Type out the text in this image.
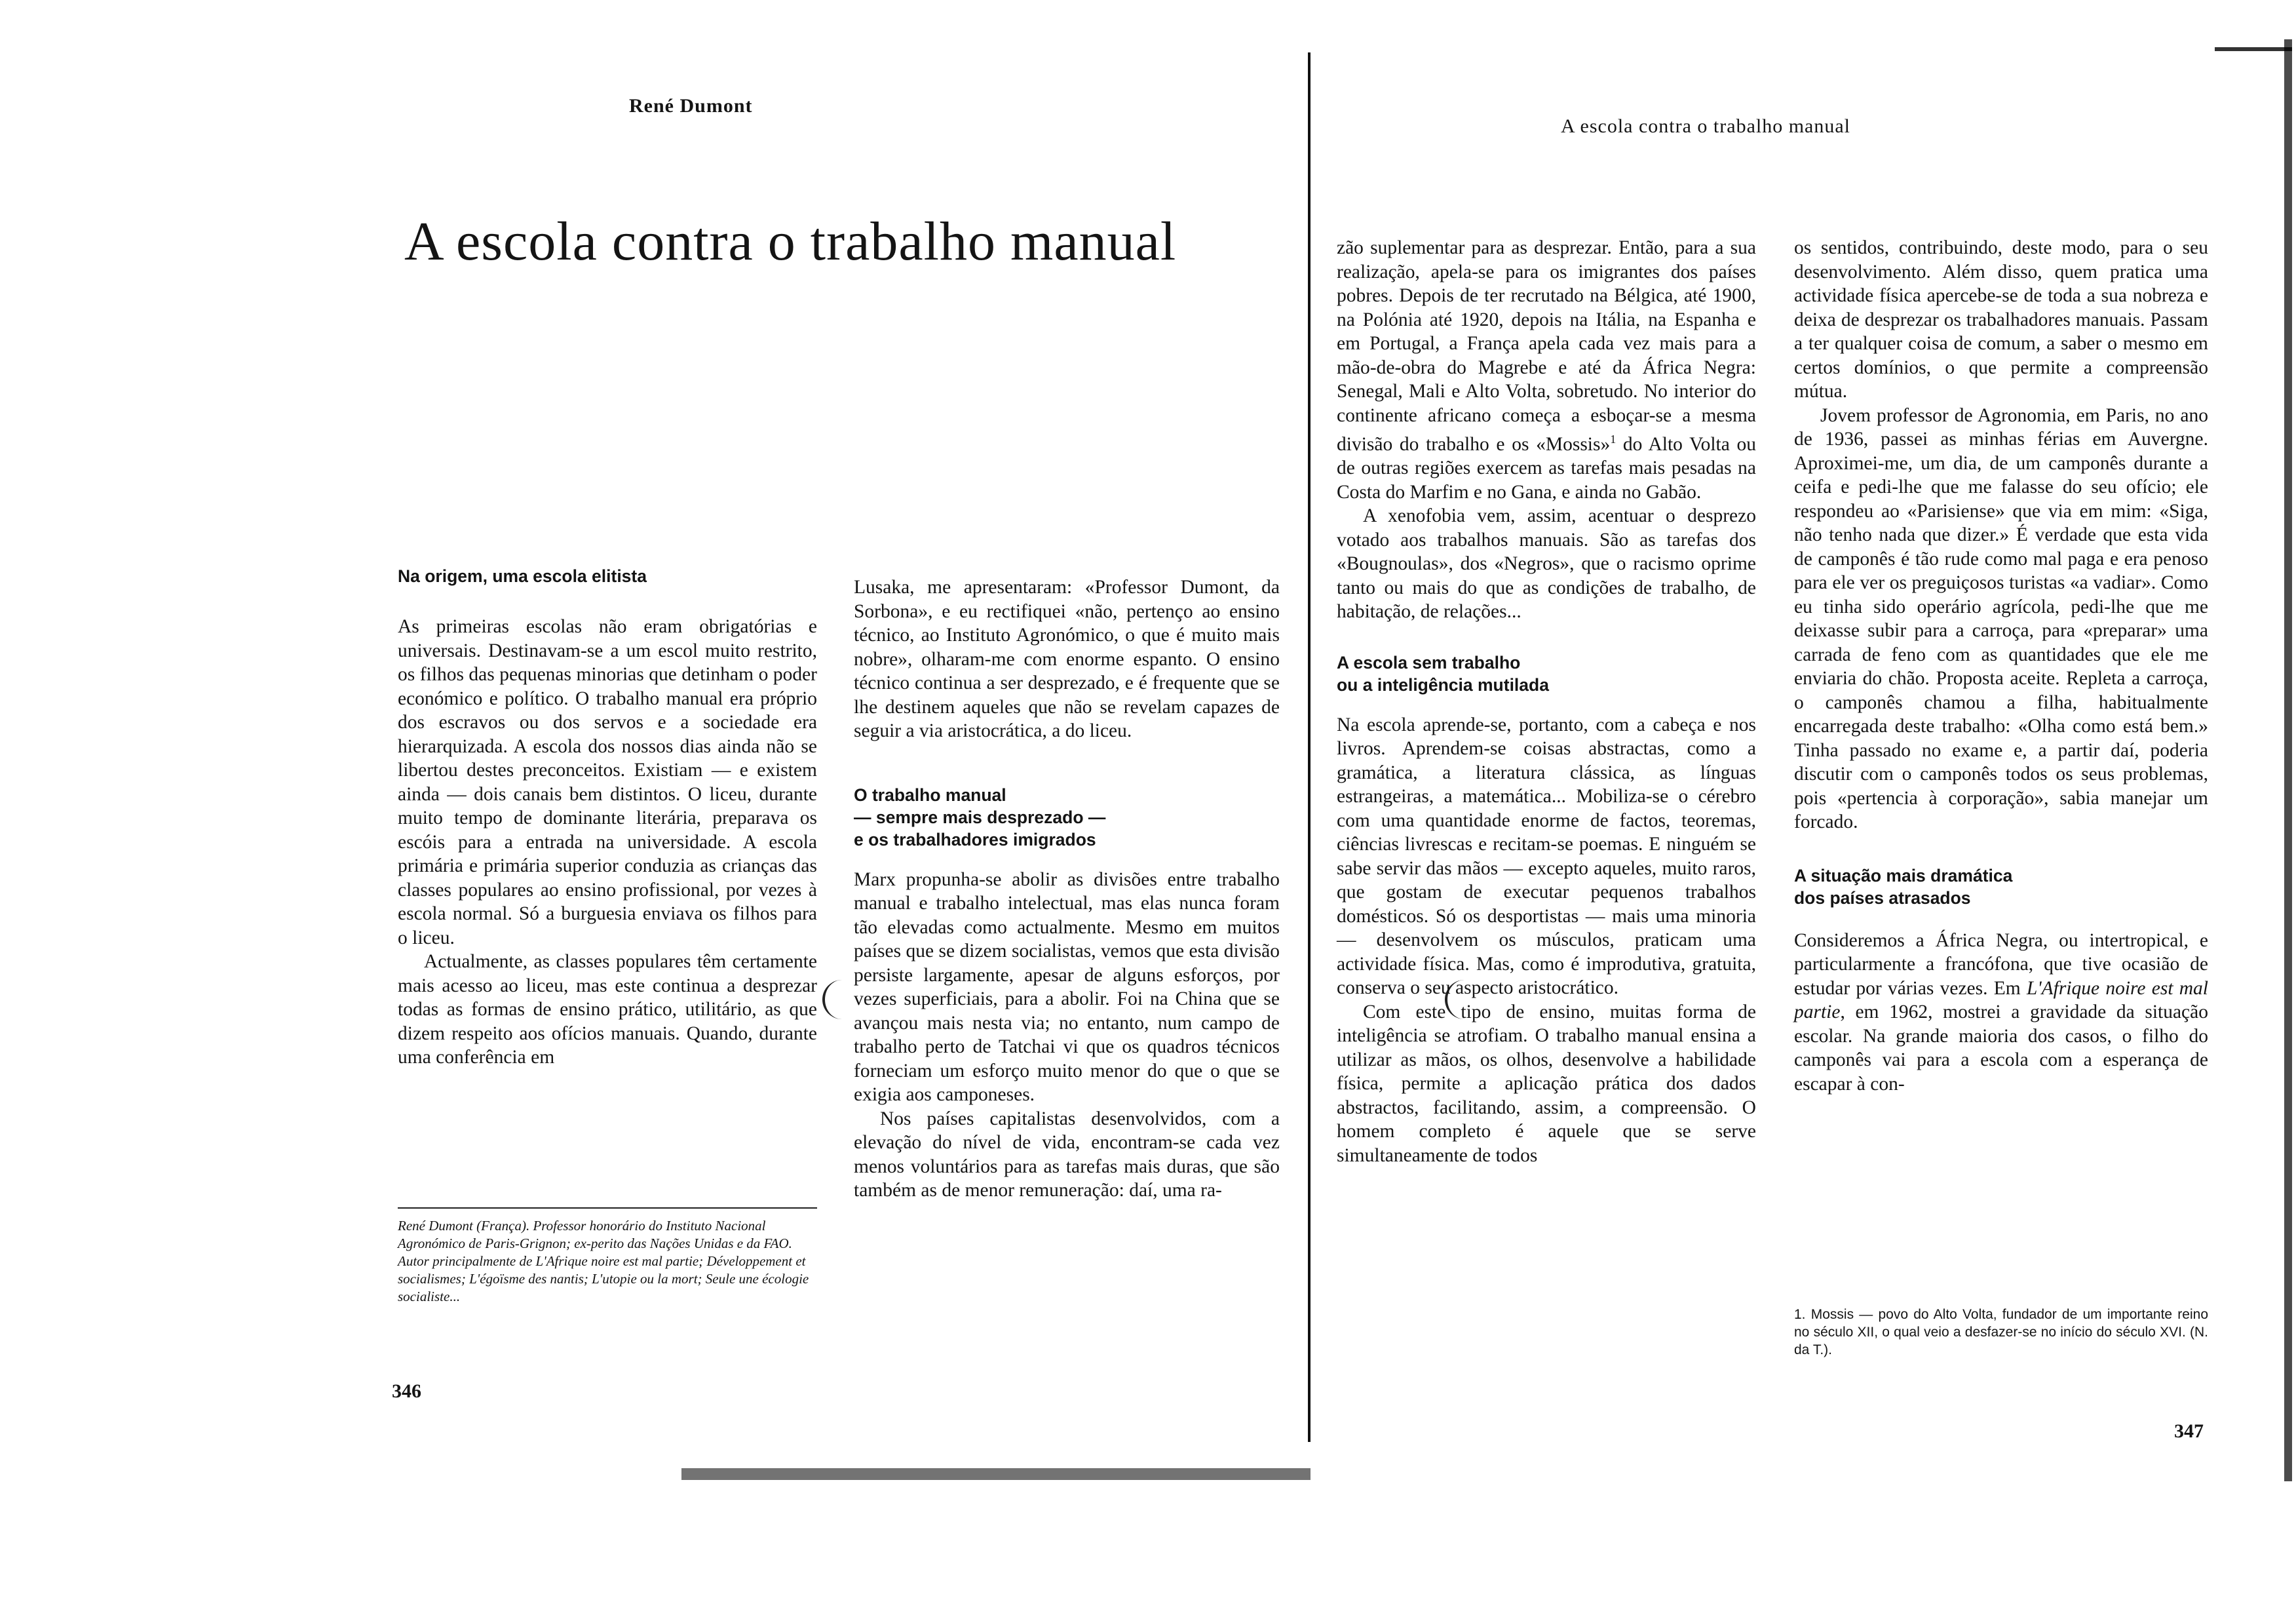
René Dumont
A escola contra o trabalho manual
A escola contra o trabalho manual
Na origem, uma escola elitista

As primeiras escolas não eram obrigatórias e universais. Destinavam-se a um escol muito restrito, os filhos das pequenas minorias que detinham o poder económico e político. O trabalho manual era próprio dos escravos ou dos servos e a sociedade era hierarquizada. A escola dos nossos dias ainda não se libertou destes preconceitos. Existiam — e existem ainda — dois canais bem distintos. O liceu, durante muito tempo de dominante literária, preparava os escóis para a entrada na universidade. A escola primária e primária superior conduzia as crianças das classes populares ao ensino profissional, por vezes à escola normal. Só a burguesia enviava os filhos para o liceu.

Actualmente, as classes populares têm certamente mais acesso ao liceu, mas este continua a desprezar todas as formas de ensino prático, utilitário, as que dizem respeito aos ofícios manuais. Quando, durante uma conferência em

René Dumont (França). Professor honorário do Instituto Nacional Agronómico de Paris-Grignon; ex-perito das Nações Unidas e da FAO. Autor principalmente de L'Afrique noire est mal partie; Développement et socialismes; L'égoïsme des nantis; L'utopie ou la mort; Seule une écologie socialiste...
346

Lusaka, me apresentaram: «Professor Dumont, da Sorbona», e eu rectifiquei «não, pertenço ao ensino técnico, ao Instituto Agronómico, o que é muito mais nobre», olharam-me com enorme espanto. O ensino técnico continua a ser desprezado, e é frequente que se lhe destinem aqueles que não se revelam capazes de seguir a via aristocrática, a do liceu.

O trabalho manual
— sempre mais desprezado —
e os trabalhadores imigrados

Marx propunha-se abolir as divisões entre trabalho manual e trabalho intelectual, mas elas nunca foram tão elevadas como actualmente. Mesmo em muitos países que se dizem socialistas, vemos que esta divisão persiste largamente, apesar de alguns esforços, por vezes superficiais, para a abolir. Foi na China que se avançou mais nesta via; no entanto, num campo de trabalho perto de Tatchai vi que os quadros técnicos forneciam um esforço muito menor do que o que se exigia aos camponeses.

Nos países capitalistas desenvolvidos, com a elevação do nível de vida, encontram-se cada vez menos voluntários para as tarefas mais duras, que são também as de menor remuneração: daí, uma ra-

zão suplementar para as desprezar. Então, para a sua realização, apela-se para os imigrantes dos países pobres. Depois de ter recrutado na Bélgica, até 1900, na Polónia até 1920, depois na Itália, na Espanha e em Portugal, a França apela cada vez mais para a mão-de-obra do Magrebe e até da África Negra: Senegal, Mali e Alto Volta, sobretudo. No interior do continente africano começa a esboçar-se a mesma divisão do trabalho e os «Mossis»$^1$ do Alto Volta ou de outras regiões exercem as tarefas mais pesadas na Costa do Marfim e no Gana, e ainda no Gabão.

A xenofobia vem, assim, acentuar o desprezo votado aos trabalhos manuais. São as tarefas dos «Bougnoulas», dos «Negros», que o racismo oprime tanto ou mais do que as condições de trabalho, de habitação, de relações...

A escola sem trabalho
ou a inteligência mutilada

Na escola aprende-se, portanto, com a cabeça e nos livros. Aprendem-se coisas abstractas, como a gramática, a literatura clássica, as línguas estrangeiras, a matemática... Mobiliza-se o cérebro com uma quantidade enorme de factos, teoremas, ciências livrescas e recitam-se poemas. E ninguém se sabe servir das mãos — excepto aqueles, muito raros, que gostam de executar pequenos trabalhos domésticos. Só os desportistas — mais uma minoria — desenvolvem os músculos, praticam uma actividade física. Mas, como é improdutiva, gratuita, conserva o seu aspecto aristocrático.

Com este tipo de ensino, muitas forma de inteligência se atrofiam. O trabalho manual ensina a utilizar as mãos, os olhos, desenvolve a habilidade física, permite a aplicação prática dos dados abstractos, facilitando, assim, a compreensão. O homem completo é aquele que se serve simultaneamente de todos

os sentidos, contribuindo, deste modo, para o seu desenvolvimento. Além disso, quem pratica uma actividade física apercebe-se de toda a sua nobreza e deixa de desprezar os trabalhadores manuais. Passam a ter qualquer coisa de comum, a saber o mesmo em certos domínios, o que permite a compreensão mútua.

Jovem professor de Agronomia, em Paris, no ano de 1936, passei as minhas férias em Auvergne. Aproximei-me, um dia, de um camponês durante a ceifa e pedi-lhe que me falasse do seu ofício; ele respondeu ao «Parisiense» que via em mim: «Siga, não tenho nada que dizer.» É verdade que esta vida de camponês é tão rude como mal paga e era penoso para ele ver os preguiçosos turistas «a vadiar». Como eu tinha sido operário agrícola, pedi-lhe que me deixasse subir para a carroça, para «preparar» uma carrada de feno com as quantidades que ele me enviaria do chão. Proposta aceite. Repleta a carroça, o camponês chamou a filha, habitualmente encarregada deste trabalho: «Olha como está bem.» Tinha passado no exame e, a partir daí, poderia discutir com o camponês todos os seus problemas, pois «pertencia à corporação», sabia manejar um forcado.

A situação mais dramática
dos países atrasados

Consideremos a África Negra, ou intertropical, e particularmente a francófona, que tive ocasião de estudar por várias vezes. Em L'Afrique noire est mal partie, em 1962, mostrei a gravidade da situação escolar. Na grande maioria dos casos, o filho do camponês vai para a escola com a esperança de escapar à con-

1. Mossis — povo do Alto Volta, fundador de um importante reino no século XII, o qual veio a desfazer-se no início do século XVI. (N. da T.).
347
